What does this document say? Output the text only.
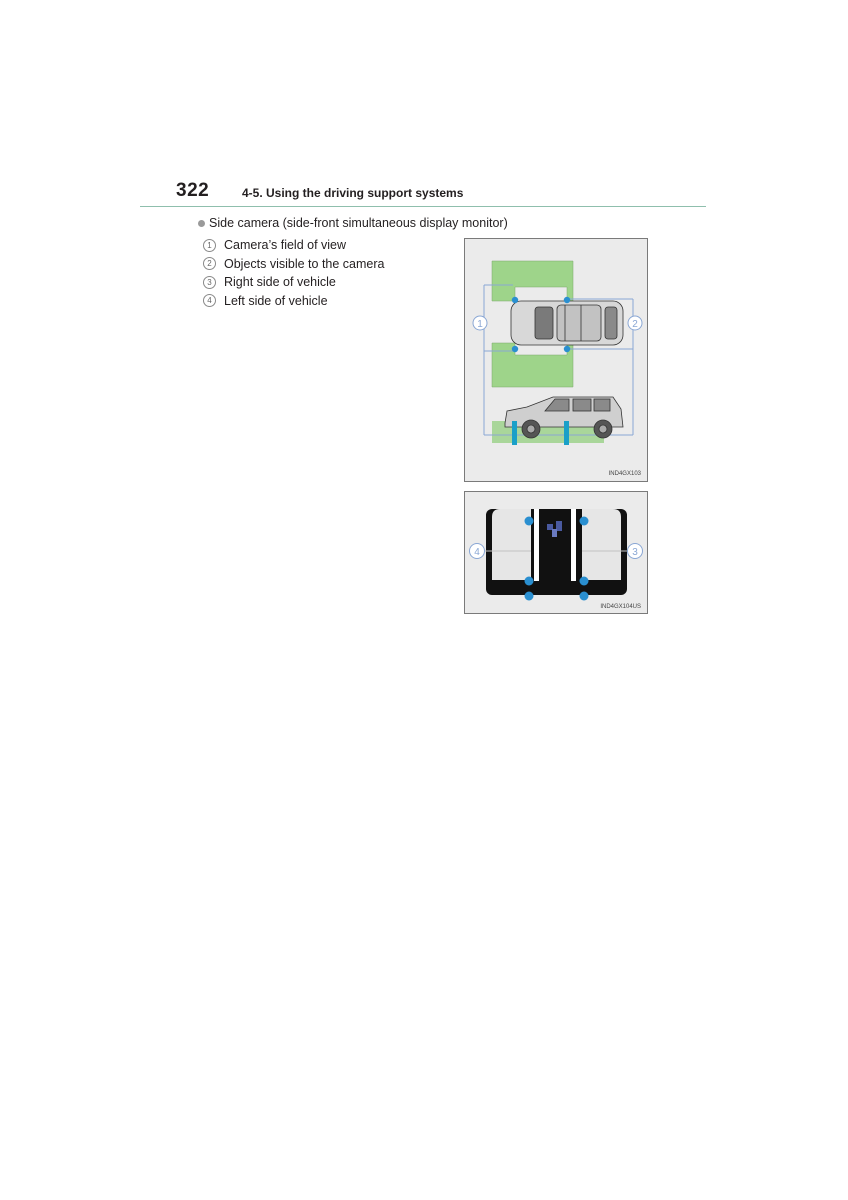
322	4-5. Using the driving support systems
Side camera (side-front simultaneous display monitor)
1 Camera’s field of view
2 Objects visible to the camera
3 Right side of vehicle
4 Left side of vehicle
1	2
IND4GX103
4	3
IND4GX104US
